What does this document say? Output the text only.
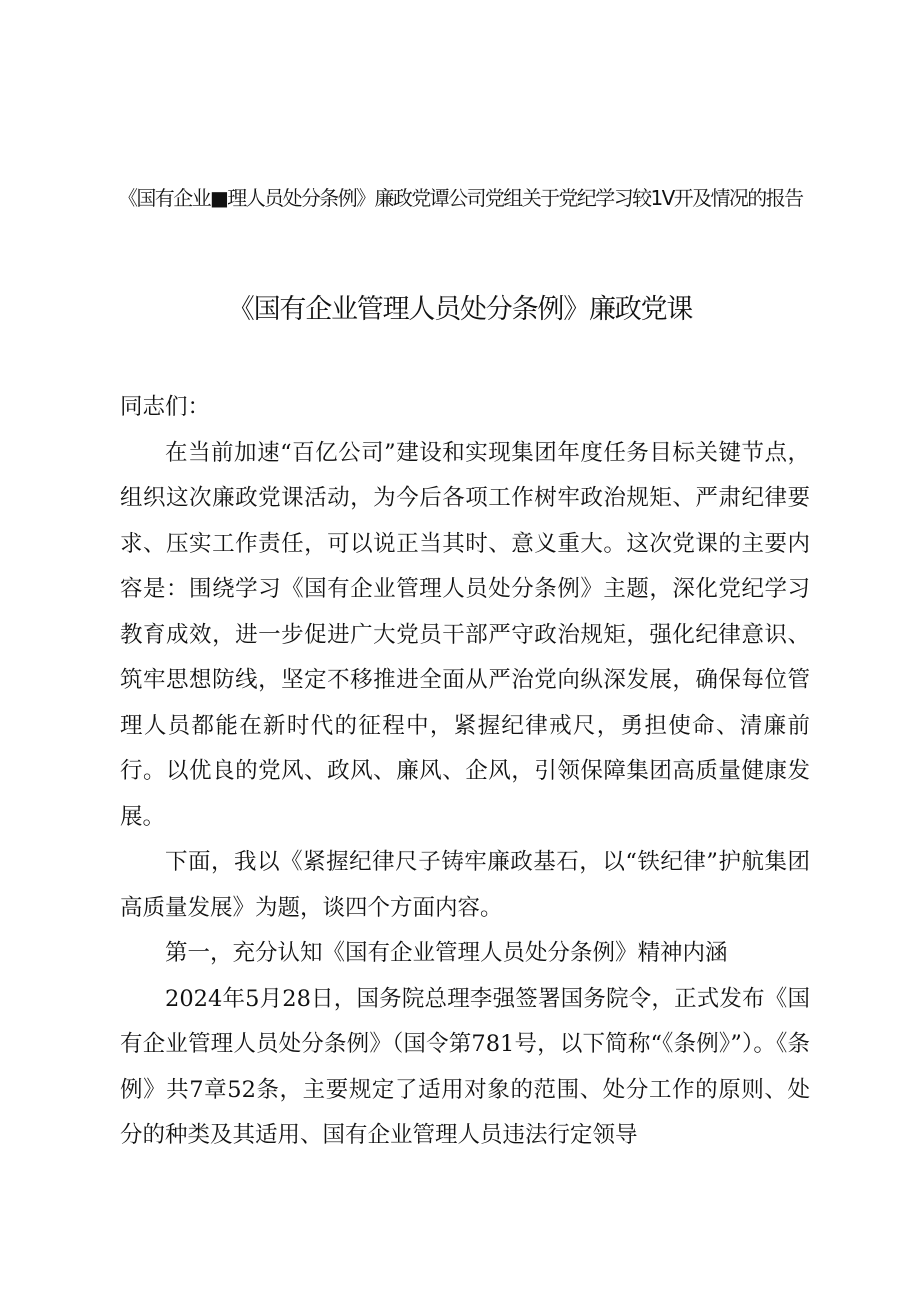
《国有企业■理人员处分条例》廉政党谭公司党组关于党纪学习较1V开及情况的报告
《国有企业管理人员处分条例》廉政党课

同志们：

在当前加速“百亿公司”建设和实现集团年度任务目标关键节点，组织这次廉政党课活动，为今后各项工作树牢政治规矩、严肃纪律要求、压实工作责任，可以说正当其时、意义重大。这次党课的主要内容是：围绕学习《国有企业管理人员处分条例》主题，深化党纪学习教育成效，进一步促进广大党员干部严守政治规矩，强化纪律意识、筑牢思想防线，坚定不移推进全面从严治党向纵深发展，确保每位管理人员都能在新时代的征程中，紧握纪律戒尺，勇担使命、清廉前行。以优良的党风、政风、廉风、企风，引领保障集团高质量健康发展。

下面，我以《紧握纪律尺子铸牢廉政基石，以“铁纪律”护航集团高质量发展》为题，谈四个方面内容。

第一，充分认知《国有企业管理人员处分条例》精神内涵

2024年5月28日，国务院总理李强签署国务院令，正式发布《国有企业管理人员处分条例》（国令第781号，以下简称“《条例》”）。《条例》共7章52条，主要规定了适用对象的范围、处分工作的原则、处分的种类及其适用、国有企业管理人员违法行定领导
